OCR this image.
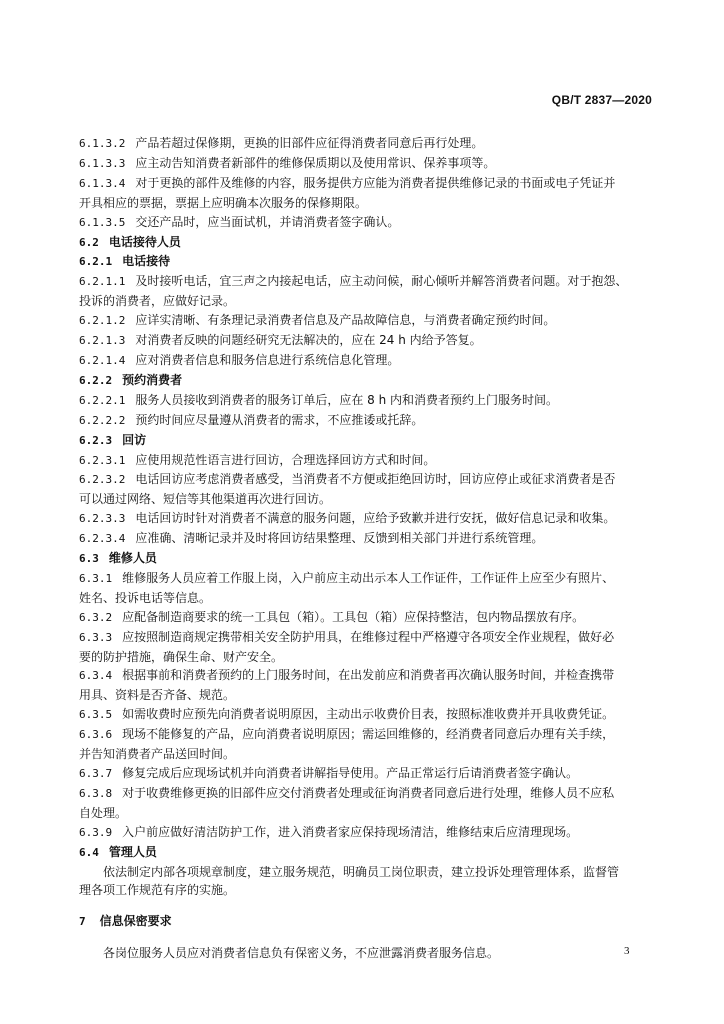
QB/T 2837—2020
6.1.3.2 产品若超过保修期，更换的旧部件应征得消费者同意后再行处理。
6.1.3.3 应主动告知消费者新部件的维修保质期以及使用常识、保养事项等。
6.1.3.4 对于更换的部件及维修的内容，服务提供方应能为消费者提供维修记录的书面或电子凭证并
开具相应的票据，票据上应明确本次服务的保修期限。
6.1.3.5 交还产品时，应当面试机，并请消费者签字确认。
6.2 电话接待人员
6.2.1 电话接待
6.2.1.1 及时接听电话，宜三声之内接起电话，应主动问候，耐心倾听并解答消费者问题。对于抱怨、
投诉的消费者，应做好记录。
6.2.1.2 应详实清晰、有条理记录消费者信息及产品故障信息，与消费者确定预约时间。
6.2.1.3 对消费者反映的问题经研究无法解决的，应在 24 h 内给予答复。
6.2.1.4 应对消费者信息和服务信息进行系统信息化管理。
6.2.2 预约消费者
6.2.2.1 服务人员接收到消费者的服务订单后，应在 8 h 内和消费者预约上门服务时间。
6.2.2.2 预约时间应尽量遵从消费者的需求，不应推诿或托辞。
6.2.3 回访
6.2.3.1 应使用规范性语言进行回访，合理选择回访方式和时间。
6.2.3.2 电话回访应考虑消费者感受，当消费者不方便或拒绝回访时，回访应停止或征求消费者是否
可以通过网络、短信等其他渠道再次进行回访。
6.2.3.3 电话回访时针对消费者不满意的服务问题，应给予致歉并进行安抚，做好信息记录和收集。
6.2.3.4 应准确、清晰记录并及时将回访结果整理、反馈到相关部门并进行系统管理。
6.3 维修人员
6.3.1 维修服务人员应着工作服上岗，入户前应主动出示本人工作证件，工作证件上应至少有照片、
姓名、投诉电话等信息。
6.3.2 应配备制造商要求的统一工具包（箱）。工具包（箱）应保持整洁，包内物品摆放有序。
6.3.3 应按照制造商规定携带相关安全防护用具，在维修过程中严格遵守各项安全作业规程，做好必
要的防护措施，确保生命、财产安全。
6.3.4 根据事前和消费者预约的上门服务时间，在出发前应和消费者再次确认服务时间，并检查携带
用具、资料是否齐备、规范。
6.3.5 如需收费时应预先向消费者说明原因，主动出示收费价目表，按照标准收费并开具收费凭证。
6.3.6 现场不能修复的产品，应向消费者说明原因；需运回维修的，经消费者同意后办理有关手续，
并告知消费者产品送回时间。
6.3.7 修复完成后应现场试机并向消费者讲解指导使用。产品正常运行后请消费者签字确认。
6.3.8 对于收费维修更换的旧部件应交付消费者处理或征询消费者同意后进行处理，维修人员不应私
自处理。
6.3.9 入户前应做好清洁防护工作，进入消费者家应保持现场清洁，维修结束后应清理现场。
6.4 管理人员
依法制定内部各项规章制度，建立服务规范，明确员工岗位职责，建立投诉处理管理体系，监督管
理各项工作规范有序的实施。
7 信息保密要求
各岗位服务人员应对消费者信息负有保密义务，不应泄露消费者服务信息。	3
